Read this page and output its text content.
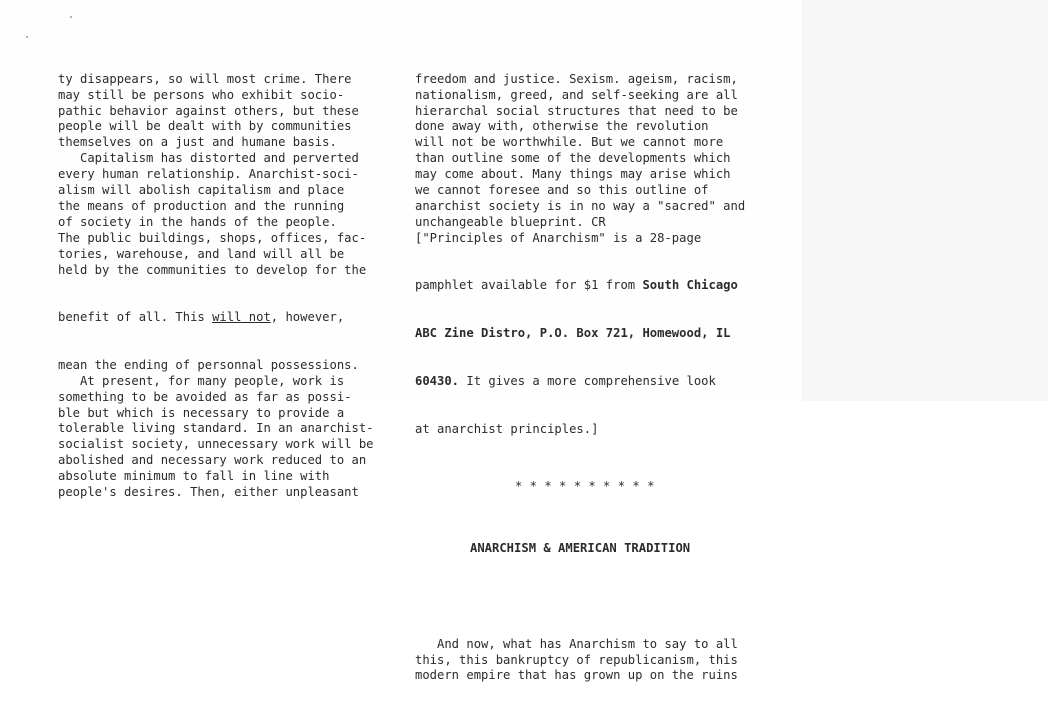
ty disappears, so will most crime. There
may still be persons who exhibit socio-
pathic behavior against others, but these
people will be dealt with by communities
themselves on a just and humane basis.
Capitalism has distorted and perverted
every human relationship. Anarchist-soci-
alism will abolish capitalism and place
the means of production and the running
of society in the hands of the people.
The public buildings, shops, offices, fac-
tories, warehouse, and land will all be
held by the communities to develop for the

benefit of all. This will not, however,

mean the ending of personnal possessions.
At present, for many people, work is
something to be avoided as far as possi-
ble but which is necessary to provide a
tolerable living standard. In an anarchist-
socialist society, unnecessary work will be
abolished and necessary work reduced to an
absolute minimum to fall in line with
people's desires. Then, either unpleasant

freedom and justice. Sexism. ageism, racism,
nationalism, greed, and self-seeking are all
hierarchal social structures that need to be
done away with, otherwise the revolution
will not be worthwhile. But we cannot more
than outline some of the developments which
may come about. Many things may arise which
we cannot foresee and so this outline of
anarchist society is in no way a "sacred" and
unchangeable blueprint. CR
["Principles of Anarchism" is a 28-page

pamphlet available for $1 from South Chicago

ABC Zine Distro, P.O. Box 721, Homewood, IL

60430. It gives a more comprehensive look

at anarchist principles.]

* * * * * * * * * *

ANARCHISM & AMERICAN TRADITION

And now, what has Anarchism to say to all
this, this bankruptcy of republicanism, this
modern empire that has grown up on the ruins
